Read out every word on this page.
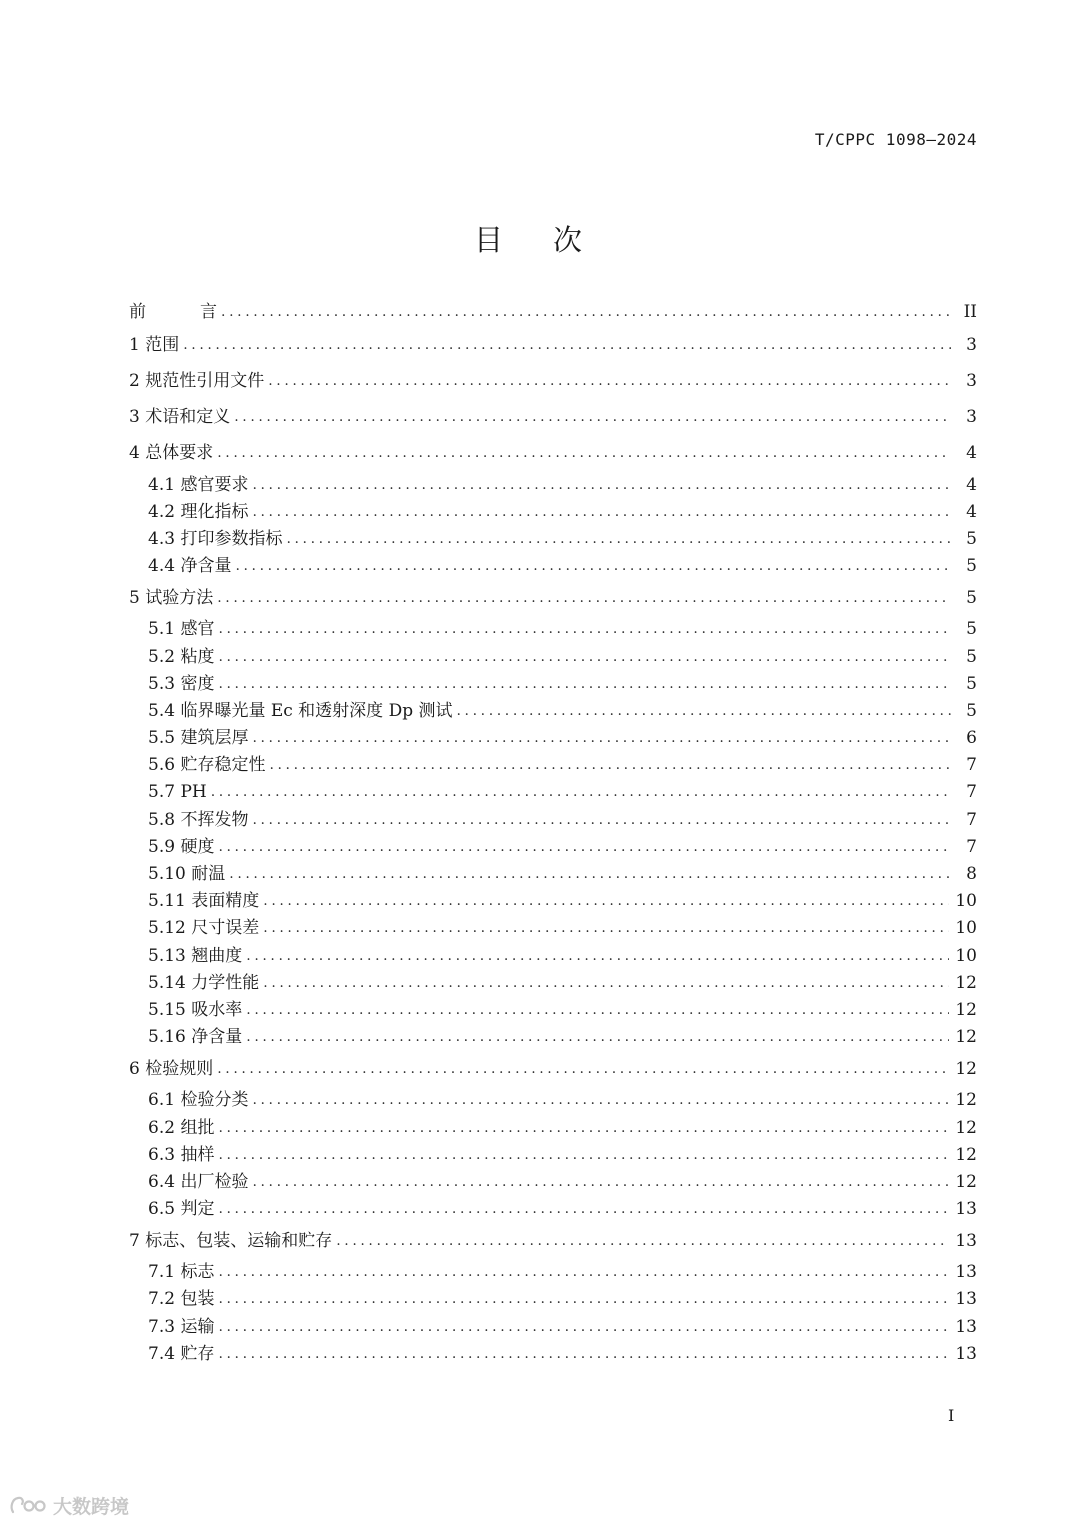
T/CPPC 1098—2024
目次
前          言 .....	II
1 范围 .....	3
2 规范性引用文件 .....	3
3 术语和定义 .....	3
4 总体要求 .....	4
4.1 感官要求 .....	4
4.2 理化指标 .....	4
4.3 打印参数指标 .....	5
4.4 净含量 .....	5
5 试验方法 .....	5
5.1 感官 .....	5
5.2 粘度 .....	5
5.3 密度 .....	5
5.4 临界曝光量 Ec 和透射深度 Dp 测试 .....	5
5.5 建筑层厚 .....	6
5.6 贮存稳定性 .....	7
5.7 PH .....	7
5.8 不挥发物 .....	7
5.9 硬度 .....	7
5.10 耐温 .....	8
5.11 表面精度 .....	10
5.12 尺寸误差 .....	10
5.13 翘曲度 .....	10
5.14 力学性能 .....	12
5.15 吸水率 .....	12
5.16 净含量 .....	12
6 检验规则 .....	12
6.1 检验分类 .....	12
6.2 组批 .....	12
6.3 抽样 .....	12
6.4 出厂检验 .....	12
6.5 判定 .....	13
7 标志、包装、运输和贮存 .....	13
7.1 标志 .....	13
7.2 包装 .....	13
7.3 运输 .....	13
7.4 贮存 .....	13
I
大数跨境
